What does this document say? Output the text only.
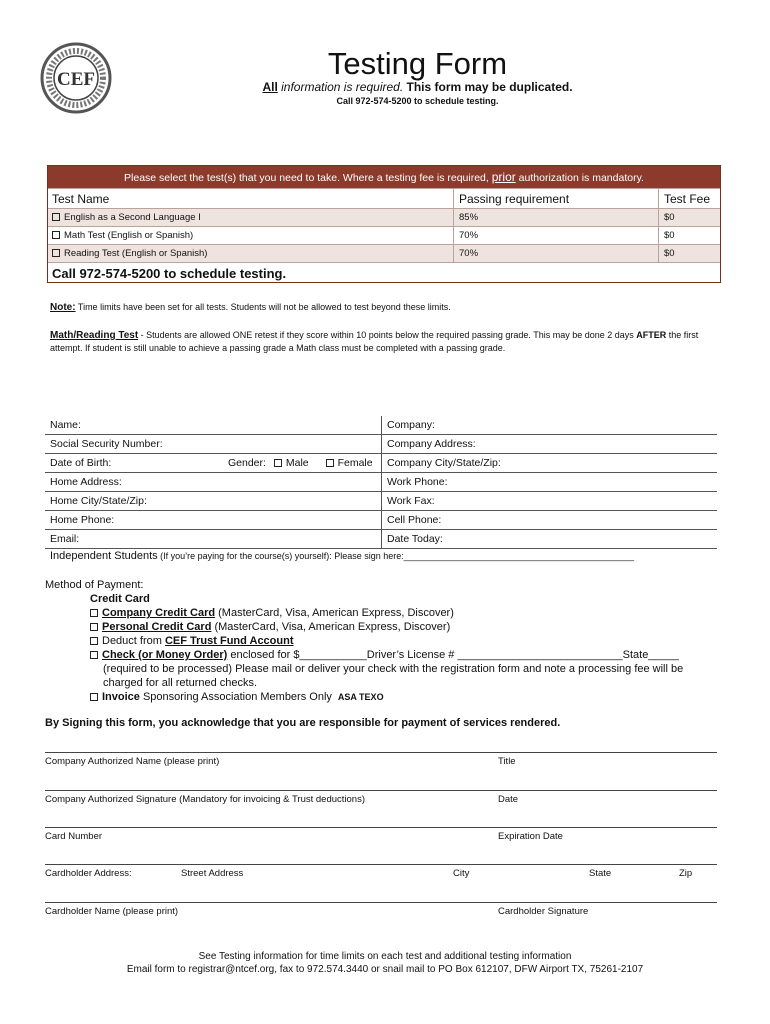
CEF	Testing Form
All information is required. This form may be duplicated.
Call 972-574-5200 to schedule testing.
Please select the test(s) that you need to take. Where a testing fee is required, prior authorization is mandatory.
Test Name	Passing requirement	Test Fee
English as a Second Language I	85%	$0
Math Test (English or Spanish)	70%	$0
Reading Test (English or Spanish)	70%	$0
Call 972-574-5200 to schedule testing.
Note: Time limits have been set for all tests. Students will not be allowed to test beyond these limits.
Math/Reading Test - Students are allowed ONE retest if they score within 10 points below the required passing grade. This may be done 2 days AFTER the first attempt. If student is still unable to achieve a passing grade a Math class must be completed with a passing grade.
Name:	Company:
Social Security Number:	Company Address:
Date of Birth:	Gender: Male	Female	Company City/State/Zip:
Home Address:	Work Phone:
Home City/State/Zip:	Work Fax:
Home Phone:	Cell Phone:
Email:	Date Today:
Independent Students (If you’re paying for the course(s) yourself): Please sign here:______________________________________________
Method of Payment:
Credit Card
Company Credit Card (MasterCard, Visa, American Express, Discover)
Personal Credit Card (MasterCard, Visa, American Express, Discover)
Deduct from CEF Trust Fund Account
Check (or Money Order) enclosed for $___________Driver’s License # ___________________________State_____
(required to be processed) Please mail or deliver your check with the registration form and note a processing fee will be
charged for all returned checks.
Invoice Sponsoring Association Members Only ASA TEXO
By Signing this form, you acknowledge that you are responsible for payment of services rendered.
Company Authorized Name (please print)	Title
Company Authorized Signature (Mandatory for invoicing & Trust deductions)	Date
Card Number	Expiration Date
Cardholder Address:	Street Address	City	State	Zip
Cardholder Name (please print)	Cardholder Signature
See Testing information for time limits on each test and additional testing information
Email form to registrar@ntcef.org, fax to 972.574.3440 or snail mail to PO Box 612107, DFW Airport TX, 75261-2107
